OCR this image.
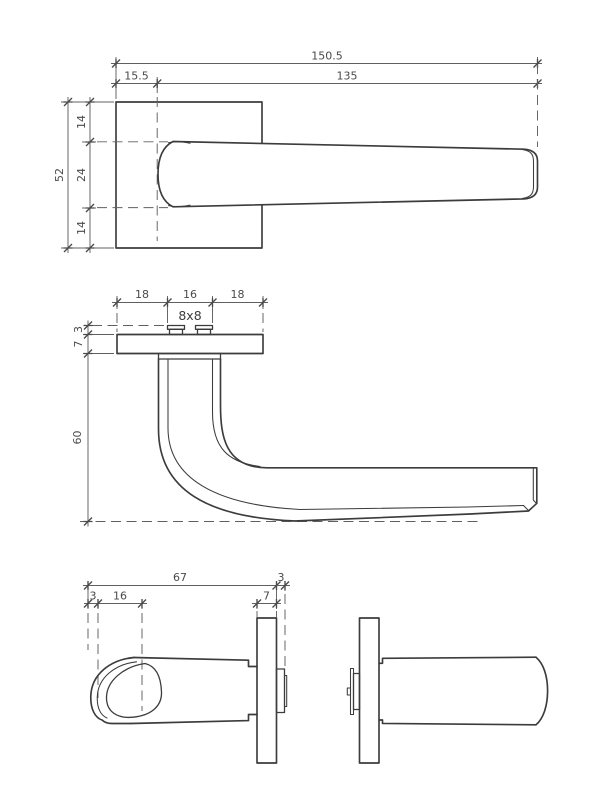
150.5
15.5	135
52
14
24
14
18	16	18
8x8
3
7
60
67	3
3 16	7
